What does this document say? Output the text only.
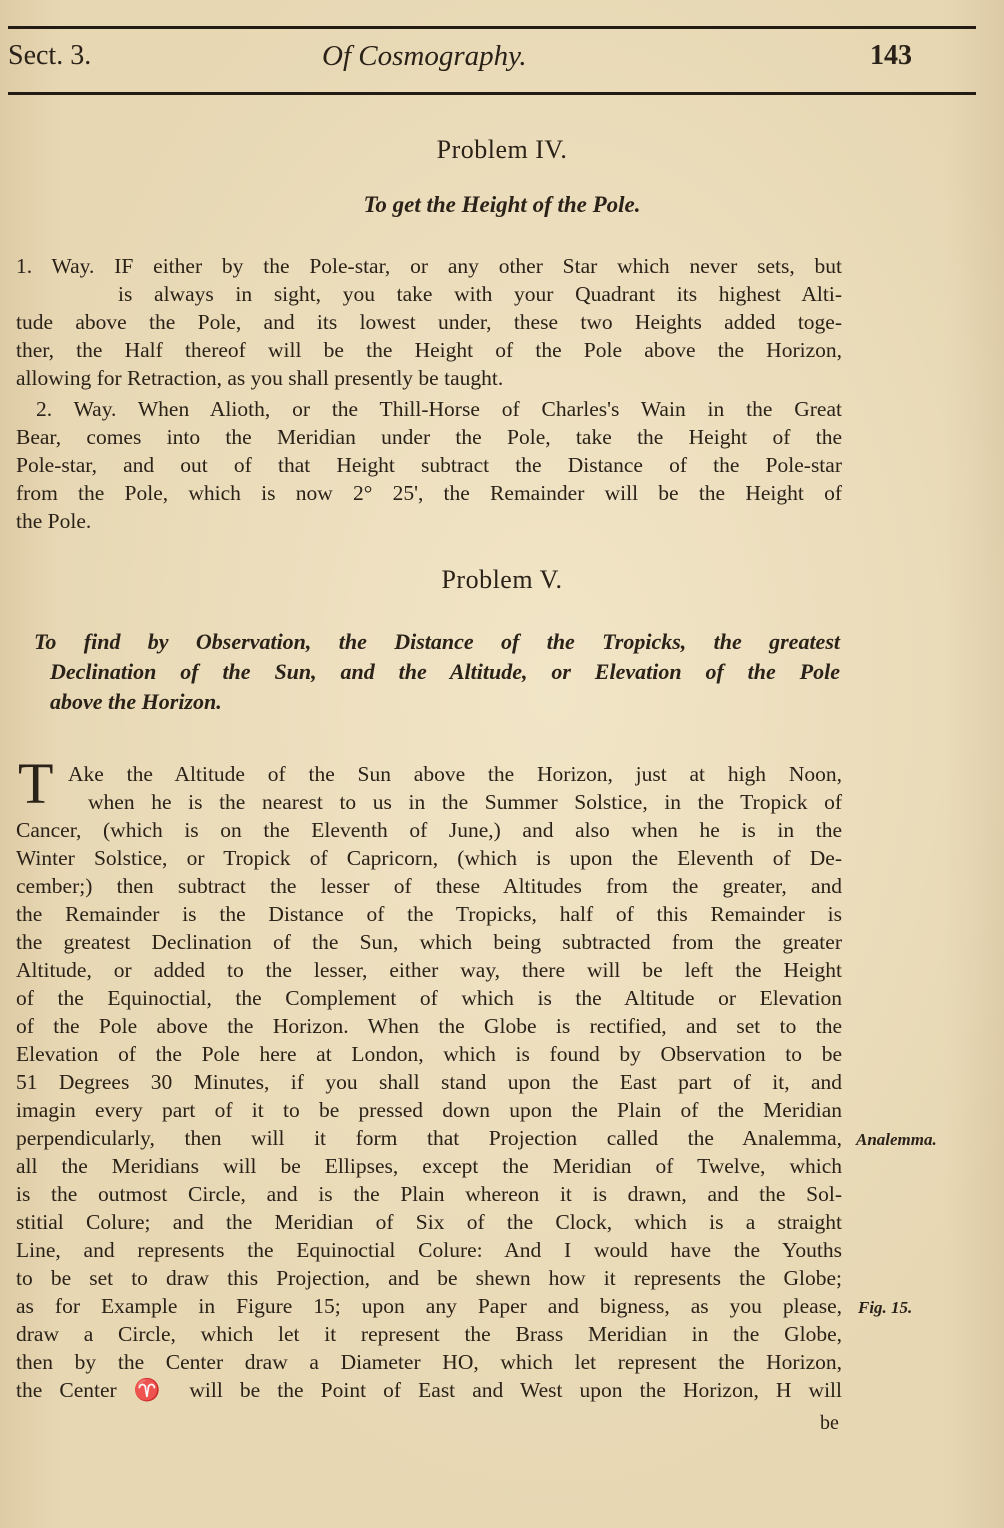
Sect. 3.	Of Cosmography.	143
Problem IV.
To get the Height of the Pole.
1. Way. IF either by the Pole-star, or any other Star which never sets, but
is always in sight, you take with your Quadrant its highest Alti-
tude above the Pole, and its lowest under, these two Heights added toge-
ther, the Half thereof will be the Height of the Pole above the Horizon,
allowing for Retraction, as you shall presently be taught.
2. Way. When Alioth, or the Thill-Horse of Charles's Wain in the Great
Bear, comes into the Meridian under the Pole, take the Height of the
Pole-star, and out of that Height subtract the Distance of the Pole-star
from the Pole, which is now 2° 25', the Remainder will be the Height of
the Pole.
Problem V.
To find by Observation, the Distance of the Tropicks, the greatest
Declination of the Sun, and the Altitude, or Elevation of the Pole
above the Horizon.
T Ake the Altitude of the Sun above the Horizon, just at high Noon,
when he is the nearest to us in the Summer Solstice, in the Tropick of
Cancer, (which is on the Eleventh of June,) and also when he is in the
Winter Solstice, or Tropick of Capricorn, (which is upon the Eleventh of De-
cember;) then subtract the lesser of these Altitudes from the greater, and
the Remainder is the Distance of the Tropicks, half of this Remainder is
the greatest Declination of the Sun, which being subtracted from the greater
Altitude, or added to the lesser, either way, there will be left the Height
of the Equinoctial, the Complement of which is the Altitude or Elevation
of the Pole above the Horizon. When the Globe is rectified, and set to the
Elevation of the Pole here at London, which is found by Observation to be
51 Degrees 30 Minutes, if you shall stand upon the East part of it, and
imagin every part of it to be pressed down upon the Plain of the Meridian
perpendicularly, then will it form that Projection called the Analemma,
all the Meridians will be Ellipses, except the Meridian of Twelve, which
is the outmost Circle, and is the Plain whereon it is drawn, and the Sol-
stitial Colure; and the Meridian of Six of the Clock, which is a straight
Line, and represents the Equinoctial Colure: And I would have the Youths
to be set to draw this Projection, and be shewn how it represents the Globe;
as for Example in Figure 15; upon any Paper and bigness, as you please,
draw a Circle, which let it represent the Brass Meridian in the Globe,
then by the Center draw a Diameter HO, which let represent the Horizon,
the Center ♈ will be the Point of East and West upon the Horizon, H will
be
Analemma.
Fig. 15.
